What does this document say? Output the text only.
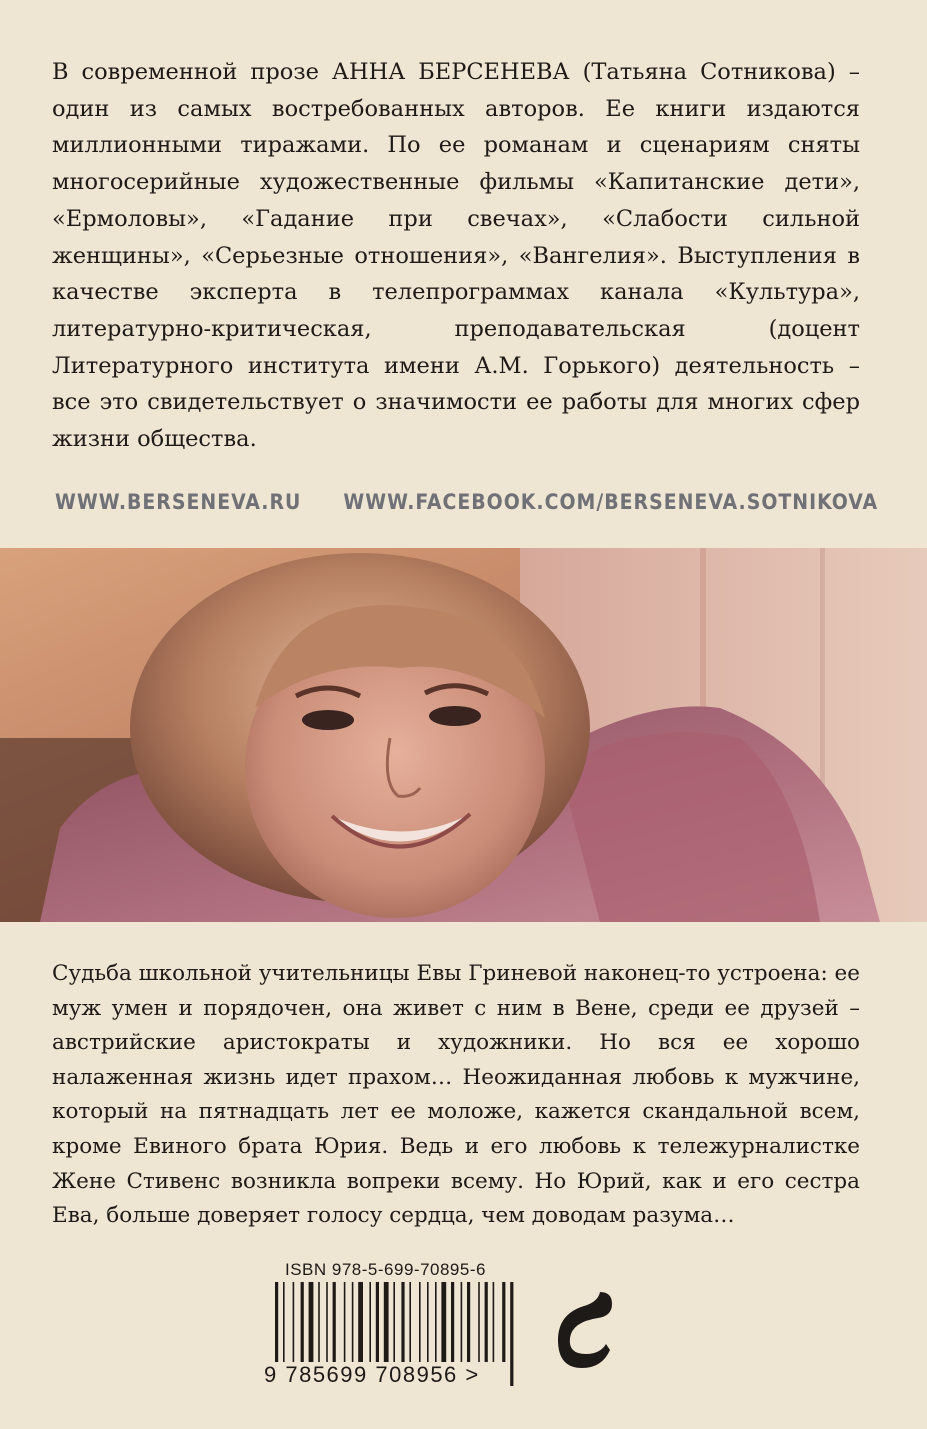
В современной прозе АННА БЕРСЕНЕВА (Татьяна Сотникова) – один из самых востребованных авторов. Ее книги издаются миллионными тиражами. По ее романам и сценариям сняты многосерийные художественные фильмы «Капитанские дети», «Ермоловы», «Гадание при свечах», «Слабости сильной женщины», «Серьезные отношения», «Вангелия». Выступления в качестве эксперта в телепрограммах канала «Культура», литературно-критическая, преподавательская (доцент Литературного института имени А.М. Горького) деятельность – все это свидетельствует о значимости ее работы для многих сфер жизни общества.

WWW.BERSENEVA.RU WWW.FACEBOOK.COM/BERSENEVA.SOTNIKOVA

Судьба школьной учительницы Евы Гриневой наконец-то устроена: ее муж умен и порядочен, она живет с ним в Вене, среди ее друзей – австрийские аристократы и художники. Но вся ее хорошо налаженная жизнь идет прахом… Неожиданная любовь к мужчине, который на пятнадцать лет ее моложе, кажется скандальной всем, кроме Евиного брата Юрия. Ведь и его любовь к тележурналистке Жене Стивенс возникла вопреки всему. Но Юрий, как и его сестра Ева, больше доверяет голосу сердца, чем доводам разума…

ISBN 978-5-699-70895-6
9 785699 708956 >
